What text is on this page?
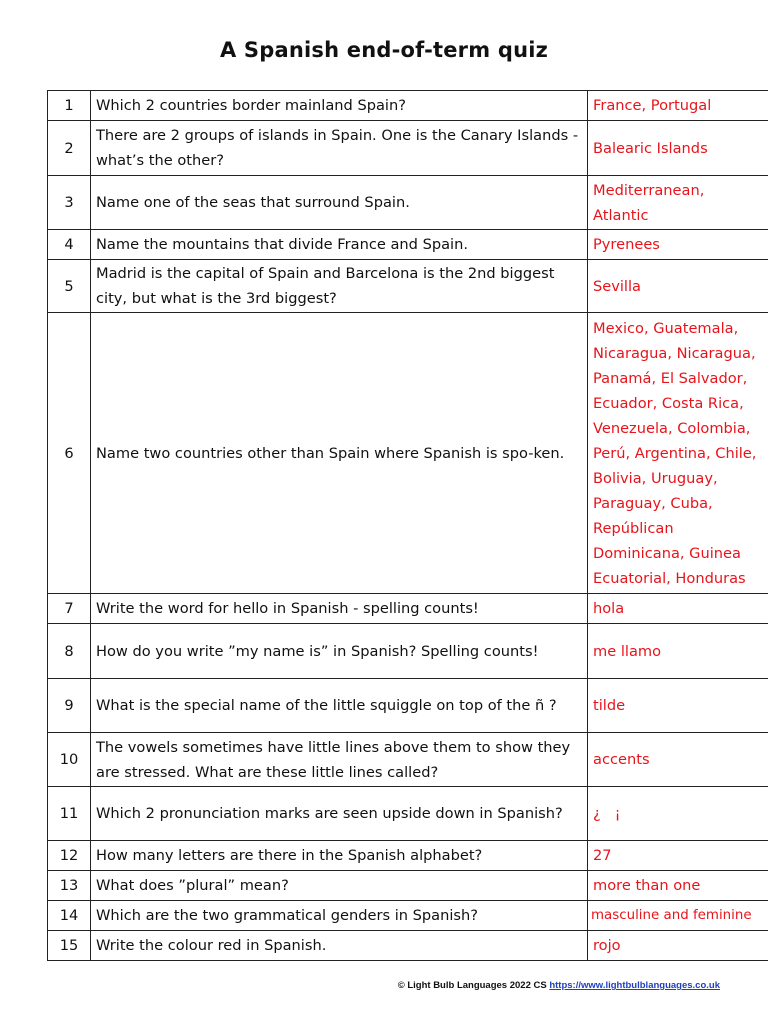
A Spanish end-of-term quiz
1	Which 2 countries border mainland Spain?	France, Portugal
2	There are 2 groups of islands in Spain. One is the Canary Islands - what’s the other?	Balearic Islands
3	Name one of the seas that surround Spain.	Mediterranean, Atlantic
4	Name the mountains that divide France and Spain.	Pyrenees
5	Madrid is the capital of Spain and Barcelona is the 2nd biggest city, but what is the 3rd biggest?	Sevilla
6	Name two countries other than Spain where Spanish is spo-ken.	Mexico, Guatemala, Nicaragua, Nicaragua, Panamá, El Salvador, Ecuador, Costa Rica, Venezuela, Colombia, Perú, Argentina, Chile, Bolivia, Uruguay, Paraguay, Cuba, Repúblican Dominicana, Guinea Ecuatorial, Honduras
7	Write the word for hello in Spanish - spelling counts!	hola
8	How do you write ”my name is” in Spanish? Spelling counts!	me llamo
9	What is the special name of the little squiggle on top of the ñ ?	tilde
10	The vowels sometimes have little lines above them to show they are stressed. What are these little lines called?	accents
11	Which 2 pronunciation marks are seen upside down in Spanish?	¿   ¡
12	How many letters are there in the Spanish alphabet?	27
13	What does ”plural” mean?	more than one
14	Which are the two grammatical genders in Spanish?	masculine and feminine
15	Write the colour red in Spanish.	rojo
© Light Bulb Languages 2022 CS https://www.lightbulblanguages.co.uk
